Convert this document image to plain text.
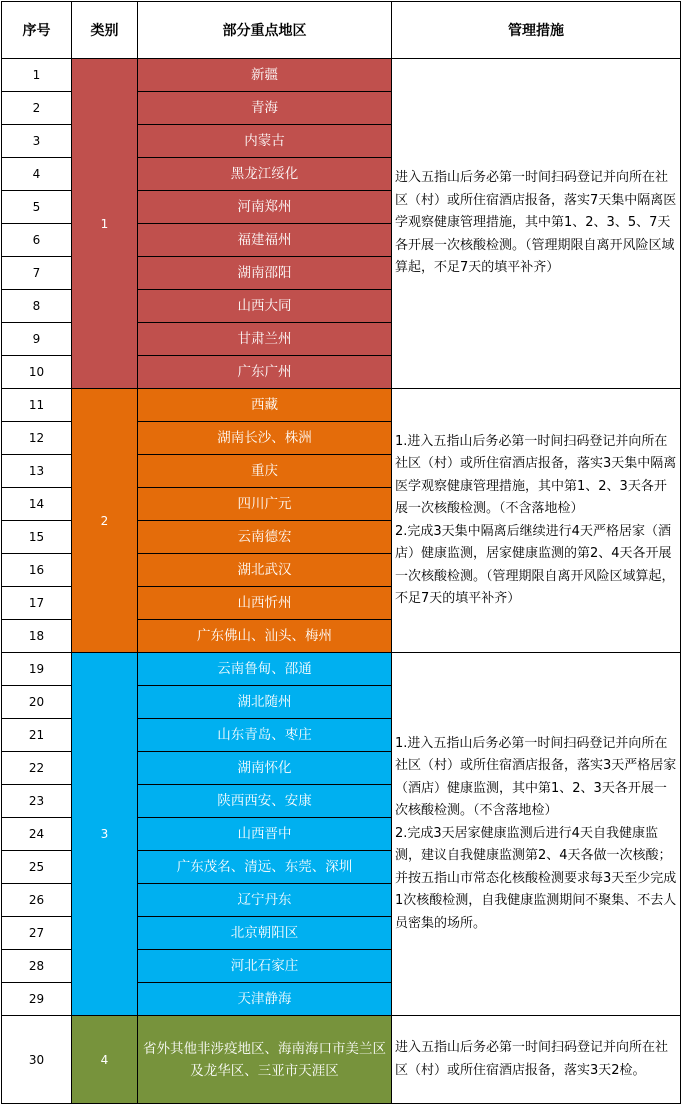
序号	类别	部分重点地区	管理措施
1	1	新疆	进入五指山后务必第一时间扫码登记并向所在社区（村）或所住宿酒店报备，落实7天集中隔离医学观察健康管理措施，其中第1、2、3、5、7天各开展一次核酸检测。（管理期限自离开风险区域算起，不足7天的填平补齐）

2		青海	
3		内蒙古	
4		黑龙江绥化	
5		河南郑州	
6		福建福州	
7		湖南邵阳	
8		山西大同	
9		甘肃兰州	
10		广东广州	
11	2	西藏	1.进入五指山后务必第一时间扫码登记并向所在社区（村）或所住宿酒店报备，落实3天集中隔离医学观察健康管理措施，其中第1、2、3天各开展一次核酸检测。（不含落地检）

2.完成3天集中隔离后继续进行4天严格居家（酒店）健康监测，居家健康监测的第2、4天各开展一次核酸检测。（管理期限自离开风险区域算起，不足7天的填平补齐）

12		湖南长沙、株洲	
13		重庆	
14		四川广元	
15		云南德宏	
16		湖北武汉	
17		山西忻州	
18		广东佛山、汕头、梅州	
19	3	云南鲁甸、邵通	1.进入五指山后务必第一时间扫码登记并向所在社区（村）或所住宿酒店报备，落实3天严格居家（酒店）健康监测，其中第1、2、3天各开展一次核酸检测。（不含落地检）

2.完成3天居家健康监测后进行4天自我健康监测，建议自我健康监测第2、4天各做一次核酸；并按五指山市常态化核酸检测要求每3天至少完成1次核酸检测，自我健康监测期间不聚集、不去人员密集的场所。

20		湖北随州	
21		山东青岛、枣庄	
22		湖南怀化	
23		陕西西安、安康	
24		山西晋中	
25		广东茂名、清远、东莞、深圳	
26		辽宁丹东	
27		北京朝阳区	
28		河北石家庄	
29		天津静海	
30	4	省外其他非涉疫地区、海南海口市美兰区及龙华区、三亚市天涯区	进入五指山后务必第一时间扫码登记并向所在社区（村）或所住宿酒店报备，落实3天2检。
